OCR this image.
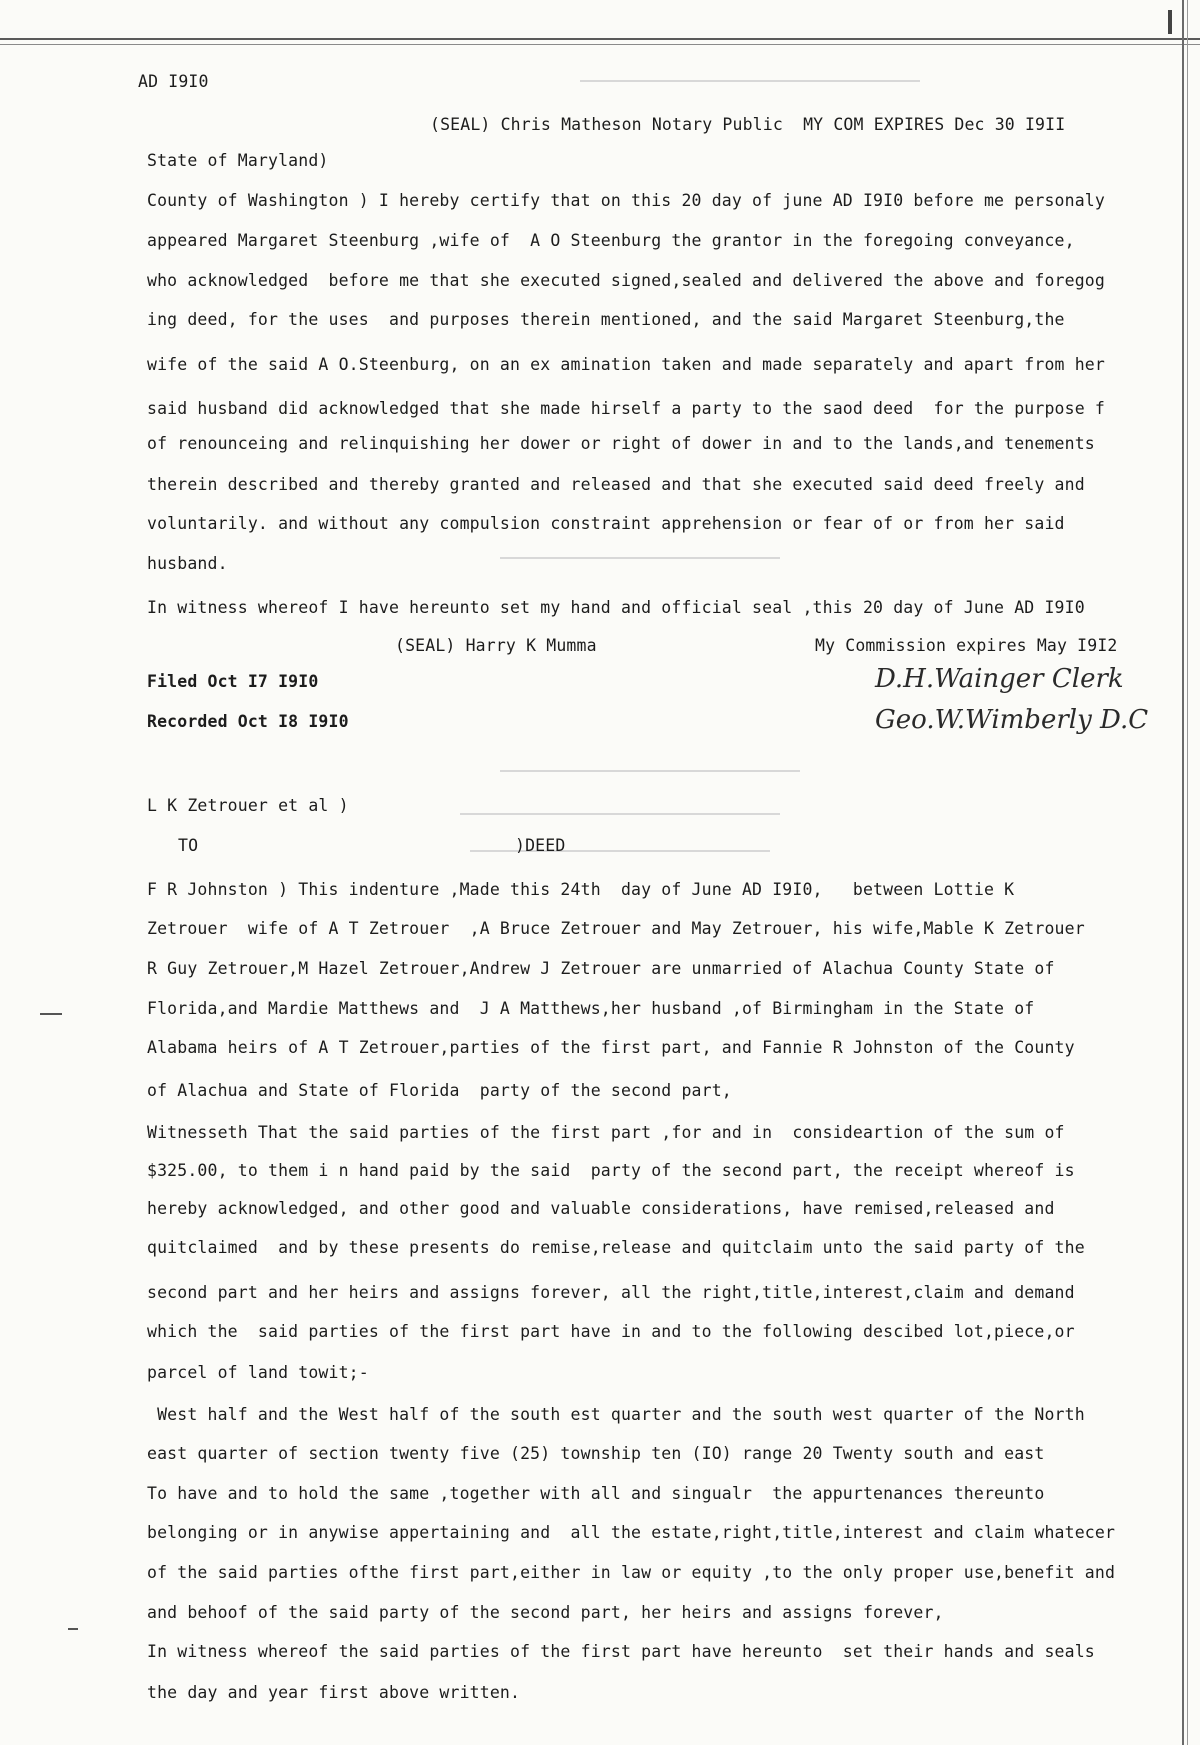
AD I9I0
(SEAL) Chris Matheson Notary Public  MY COM EXPIRES Dec 30 I9II
State of Maryland)
County of Washington ) I hereby certify that on this 20 day of june AD I9I0 before me personaly
appeared Margaret Steenburg ,wife of  A O Steenburg the grantor in the foregoing conveyance,
who acknowledged  before me that she executed signed,sealed and delivered the above and foregog
ing deed, for the uses  and purposes therein mentioned, and the said Margaret Steenburg,the
wife of the said A O.Steenburg, on an ex amination taken and made separately and apart from her
said husband did acknowledged that she made hirself a party to the saod deed  for the purpose f
of renounceing and relinquishing her dower or right of dower in and to the lands,and tenements
therein described and thereby granted and released and that she executed said deed freely and
voluntarily. and without any compulsion constraint apprehension or fear of or from her said
husband.
In witness whereof I have hereunto set my hand and official seal ,this 20 day of June AD I9I0
(SEAL) Harry K Mumma	My Commission expires May I9I2
Filed Oct I7 I9I0
Recorded Oct I8 I9I0
D.H.Wainger Clerk
Geo.W.Wimberly D.C
L K Zetrouer et al )
TO	)DEED
F R Johnston ) This indenture ,Made this 24th  day of June AD I9I0,   between Lottie K
Zetrouer  wife of A T Zetrouer  ,A Bruce Zetrouer and May Zetrouer, his wife,Mable K Zetrouer
R Guy Zetrouer,M Hazel Zetrouer,Andrew J Zetrouer are unmarried of Alachua County State of
Florida,and Mardie Matthews and  J A Matthews,her husband ,of Birmingham in the State of
Alabama heirs of A T Zetrouer,parties of the first part, and Fannie R Johnston of the County
of Alachua and State of Florida  party of the second part,
Witnesseth That the said parties of the first part ,for and in  consideartion of the sum of
$325.00, to them i n hand paid by the said  party of the second part, the receipt whereof is
hereby acknowledged, and other good and valuable considerations, have remised,released and
quitclaimed  and by these presents do remise,release and quitclaim unto the said party of the
second part and her heirs and assigns forever, all the right,title,interest,claim and demand
which the  said parties of the first part have in and to the following descibed lot,piece,or
parcel of land towit;-
West half and the West half of the south est quarter and the south west quarter of the North
east quarter of section twenty five (25) township ten (IO) range 20 Twenty south and east
To have and to hold the same ,together with all and singualr  the appurtenances thereunto
belonging or in anywise appertaining and  all the estate,right,title,interest and claim whatecer
of the said parties ofthe first part,either in law or equity ,to the only proper use,benefit and
and behoof of the said party of the second part, her heirs and assigns forever,
In witness whereof the said parties of the first part have hereunto  set their hands and seals
the day and year first above written.
